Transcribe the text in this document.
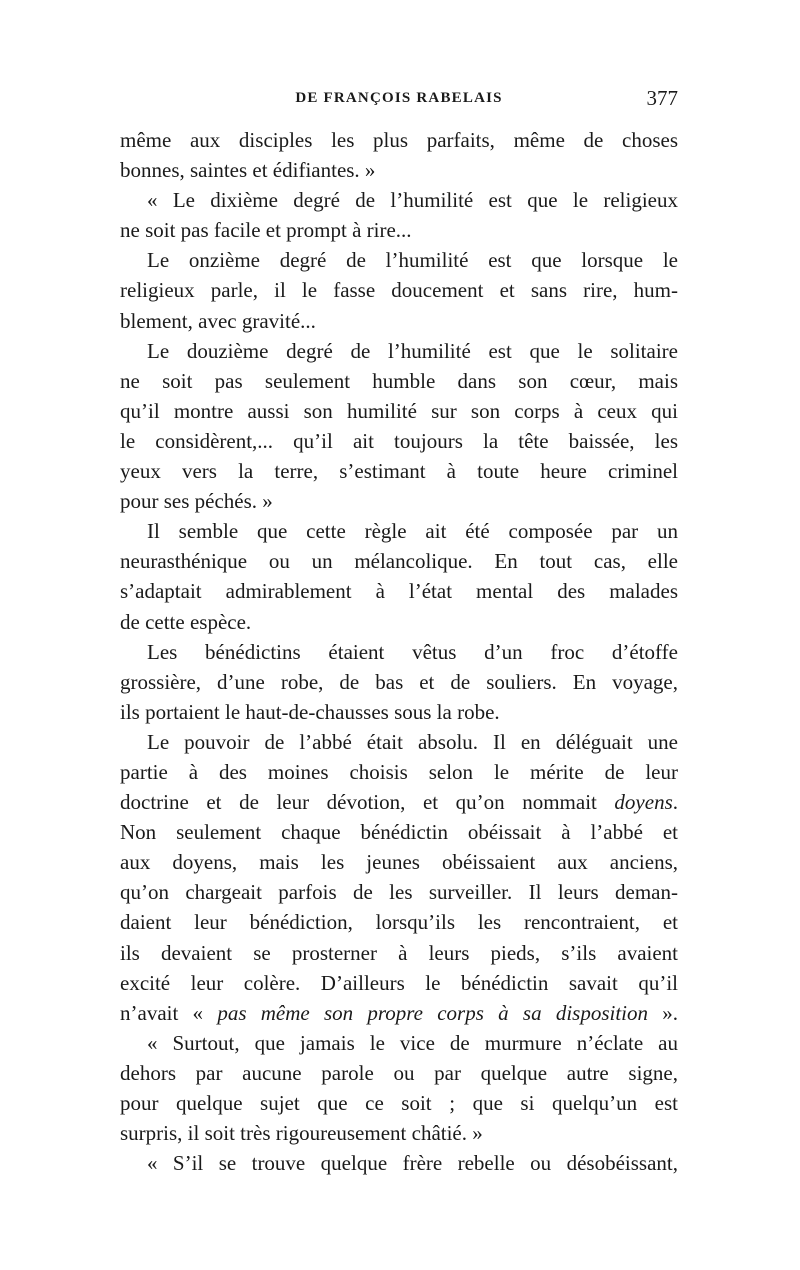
DE FRANÇOIS RABELAIS	377
même aux disciples les plus parfaits, même de choses
bonnes, saintes et édifiantes. »
« Le dixième degré de l’humilité est que le religieux
ne soit pas facile et prompt à rire...
Le onzième degré de l’humilité est que lorsque le
religieux parle, il le fasse doucement et sans rire, hum-
blement, avec gravité...
Le douzième degré de l’humilité est que le solitaire
ne soit pas seulement humble dans son cœur, mais
qu’il montre aussi son humilité sur son corps à ceux qui
le considèrent,... qu’il ait toujours la tête baissée, les
yeux vers la terre, s’estimant à toute heure criminel
pour ses péchés. »
Il semble que cette règle ait été composée par un
neurasthénique ou un mélancolique. En tout cas, elle
s’adaptait admirablement à l’état mental des malades
de cette espèce.
Les bénédictins étaient vêtus d’un froc d’étoffe
grossière, d’une robe, de bas et de souliers. En voyage,
ils portaient le haut-de-chausses sous la robe.
Le pouvoir de l’abbé était absolu. Il en déléguait une
partie à des moines choisis selon le mérite de leur
doctrine et de leur dévotion, et qu’on nommait doyens.
Non seulement chaque bénédictin obéissait à l’abbé et
aux doyens, mais les jeunes obéissaient aux anciens,
qu’on chargeait parfois de les surveiller. Il leurs deman-
daient leur bénédiction, lorsqu’ils les rencontraient, et
ils devaient se prosterner à leurs pieds, s’ils avaient
excité leur colère. D’ailleurs le bénédictin savait qu’il
n’avait « pas même son propre corps à sa disposition ».
« Surtout, que jamais le vice de murmure n’éclate au
dehors par aucune parole ou par quelque autre signe,
pour quelque sujet que ce soit ; que si quelqu’un est
surpris, il soit très rigoureusement châtié. »
« S’il se trouve quelque frère rebelle ou désobéissant,
